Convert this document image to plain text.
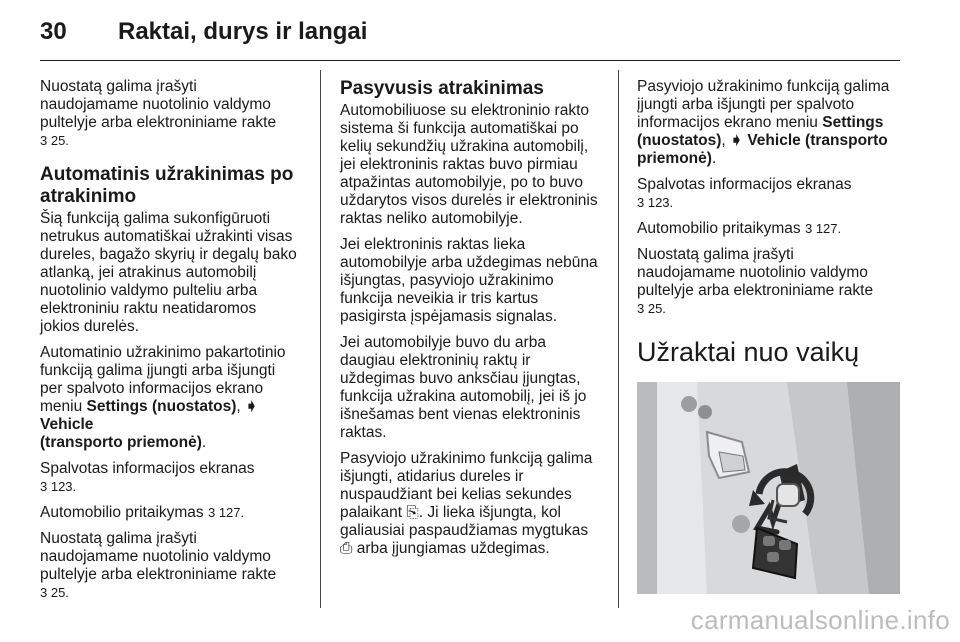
30 Raktai, durys ir langai

Nuostatą galima įrašyti
naudojamame nuotolinio valdymo
pultelyje arba elektroniniame rakte
3 25.

Automatinis užrakinimas po
atrakinimo

Šią funkciją galima sukonfigūruoti
netrukus automatiškai užrakinti visas
dureles, bagažo skyrių ir degalų bako
atlanką, jei atrakinus automobilį
nuotolinio valdymo pulteliu arba
elektroniniu raktu neatidaromos
jokios durelės.

Automatinio užrakinimo pakartotinio
funkciją galima įjungti arba išjungti
per spalvoto informacijos ekrano
meniu Settings (nuostatos), ➧ Vehicle
(transporto priemonė).

Spalvotas informacijos ekranas
3 123.

Automobilio pritaikymas 3 127.

Nuostatą galima įrašyti
naudojamame nuotolinio valdymo
pultelyje arba elektroniniame rakte
3 25.

Pasyvusis atrakinimas

Automobiliuose su elektroninio rakto
sistema ši funkcija automatiškai po
kelių sekundžių užrakina automobilį,
jei elektroninis raktas buvo pirmiau
atpažintas automobilyje, po to buvo
uždarytos visos durelės ir elektroninis
raktas neliko automobilyje.

Jei elektroninis raktas lieka
automobilyje arba uždegimas nebūna
išjungtas, pasyviojo užrakinimo
funkcija neveikia ir tris kartus
pasigirsta įspėjamasis signalas.

Jei automobilyje buvo du arba
daugiau elektroninių raktų ir
uždegimas buvo anksčiau įjungtas,
funkcija užrakina automobilį, jei iš jo
išnešamas bent vienas elektroninis
raktas.

Pasyviojo užrakinimo funkciją galima
išjungti, atidarius dureles ir
nuspaudžiant bei kelias sekundes
palaikant ⎘. Ji lieka išjungta, kol
galiausiai paspaudžiamas mygtukas
⎙ arba įjungiamas uždegimas.

Pasyviojo užrakinimo funkciją galima
įjungti arba išjungti per spalvoto
informacijos ekrano meniu Settings
(nuostatos), ➧ Vehicle (transporto
priemonė).

Spalvotas informacijos ekranas
3 123.

Automobilio pritaikymas 3 127.

Nuostatą galima įrašyti
naudojamame nuotolinio valdymo
pultelyje arba elektroniniame rakte
3 25.

Užraktai nuo vaikų
carmanualsonline.info
